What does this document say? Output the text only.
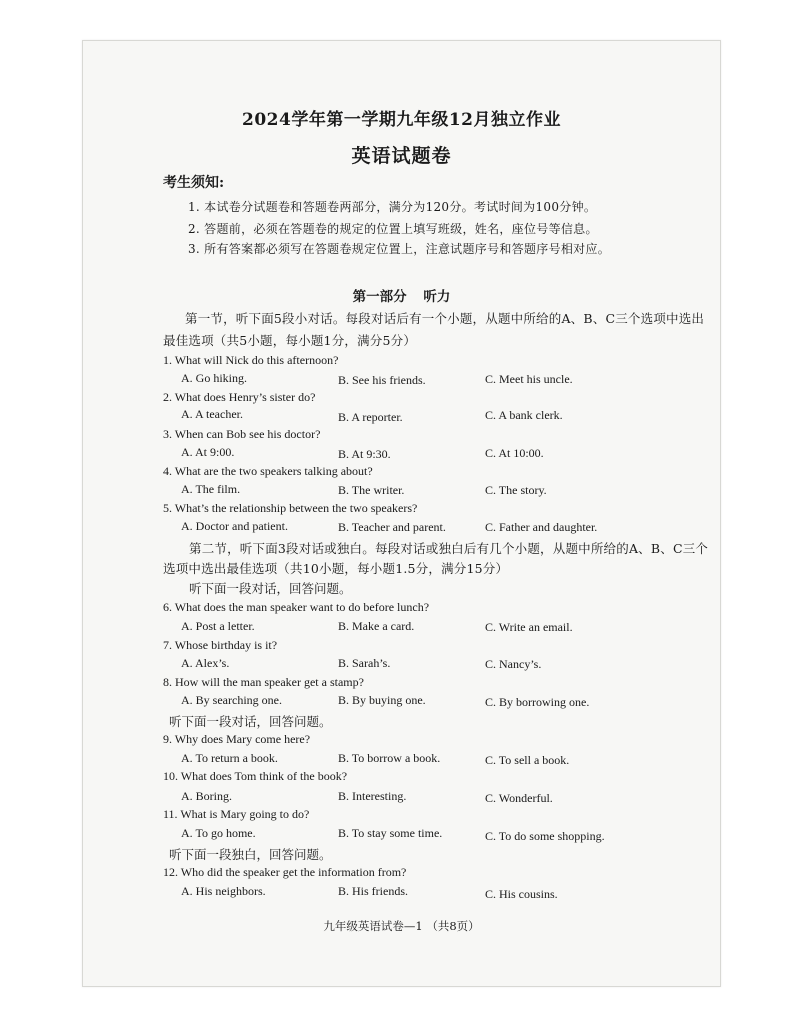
2024学年第一学期九年级12月独立作业
英语试题卷
考生须知:
1. 本试卷分试题卷和答题卷两部分，满分为120分。考试时间为100分钟。
2. 答题前，必须在答题卷的规定的位置上填写班级，姓名，座位号等信息。
3. 所有答案都必须写在答题卷规定位置上，注意试题序号和答题序号相对应。
第一部分 听力
第一节，听下面5段小对话。每段对话后有一个小题，从题中所给的A、B、C三个选项中选出
最佳选项（共5小题，每小题1分，满分5分）
1. What will Nick do this afternoon?
A. Go hiking.	B. See his friends.	C. Meet his uncle.
2. What does Henry’s sister do?
A. A teacher.	B. A reporter.	C. A bank clerk.
3. When can Bob see his doctor?
A. At 9:00.	B. At 9:30.	C. At 10:00.
4. What are the two speakers talking about?
A. The film.	B. The writer.	C. The story.
5. What’s the relationship between the two speakers?
A. Doctor and patient.	B. Teacher and parent.	C. Father and daughter.
第二节，听下面3段对话或独白。每段对话或独白后有几个小题，从题中所给的A、B、C三个
选项中选出最佳选项（共10小题，每小题1.5分，满分15分）
听下面一段对话，回答问题。
6. What does the man speaker want to do before lunch?
A. Post a letter.	B. Make a card.	C. Write an email.
7. Whose birthday is it?
A. Alex’s.	B. Sarah’s.	C. Nancy’s.
8. How will the man speaker get a stamp?
A. By searching one.	B. By buying one.	C. By borrowing one.
听下面一段对话，回答问题。
9. Why does Mary come here?
A. To return a book.	B. To borrow a book.	C. To sell a book.
10. What does Tom think of the book?
A. Boring.	B. Interesting.	C. Wonderful.
11. What is Mary going to do?
A. To go home.	B. To stay some time.	C. To do some shopping.
听下面一段独白，回答问题。
12. Who did the speaker get the information from?
A. His neighbors.	B. His friends.	C. His cousins.
九年级英语试卷—1 （共8页）
